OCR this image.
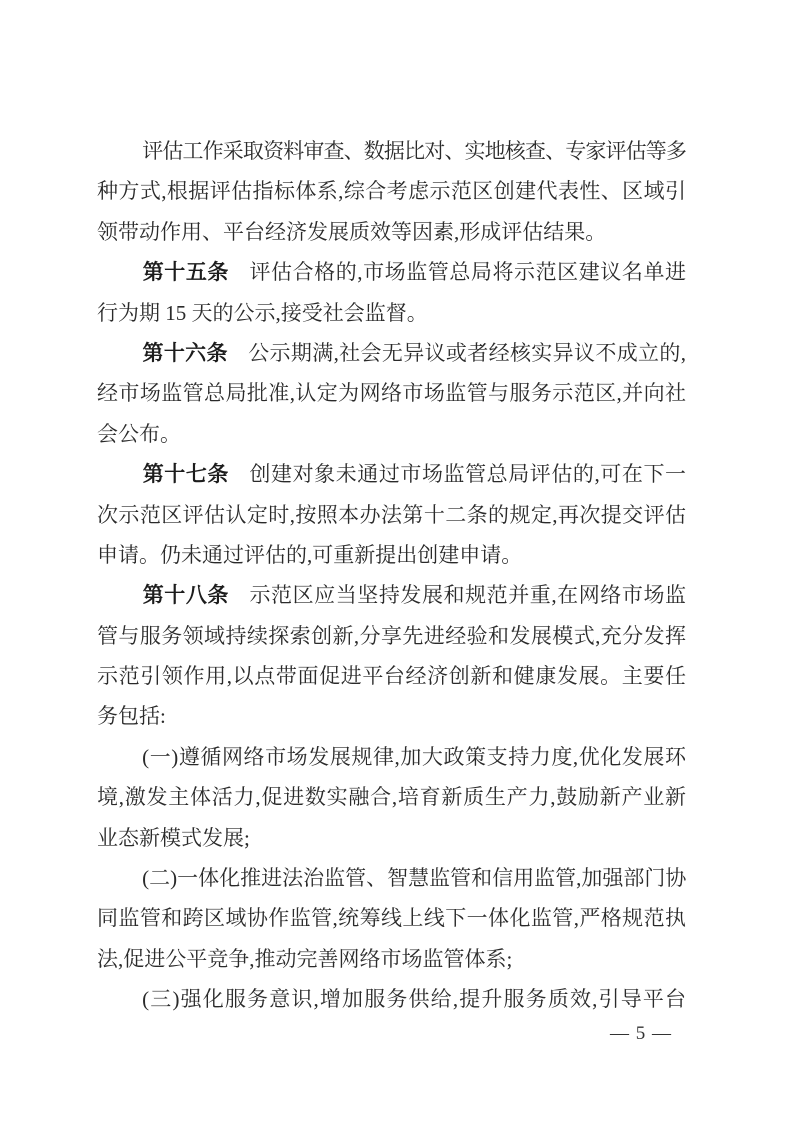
评估工作采取资料审查、数据比对、实地核查、专家评估等多
种方式,根据评估指标体系,综合考虑示范区创建代表性、区域引
领带动作用、平台经济发展质效等因素,形成评估结果。
第十五条 评估合格的,市场监管总局将示范区建议名单进
行为期 15 天的公示,接受社会监督。
第十六条 公示期满,社会无异议或者经核实异议不成立的,
经市场监管总局批准,认定为网络市场监管与服务示范区,并向社
会公布。
第十七条 创建对象未通过市场监管总局评估的,可在下一
次示范区评估认定时,按照本办法第十二条的规定,再次提交评估
申请。仍未通过评估的,可重新提出创建申请。
第十八条 示范区应当坚持发展和规范并重,在网络市场监
管与服务领域持续探索创新,分享先进经验和发展模式,充分发挥
示范引领作用,以点带面促进平台经济创新和健康发展。主要任
务包括:
(一)遵循网络市场发展规律,加大政策支持力度,优化发展环
境,激发主体活力,促进数实融合,培育新质生产力,鼓励新产业新
业态新模式发展;
(二)一体化推进法治监管、智慧监管和信用监管,加强部门协
同监管和跨区域协作监管,统筹线上线下一体化监管,严格规范执
法,促进公平竞争,推动完善网络市场监管体系;
(三)强化服务意识,增加服务供给,提升服务质效,引导平台
— 5 —
